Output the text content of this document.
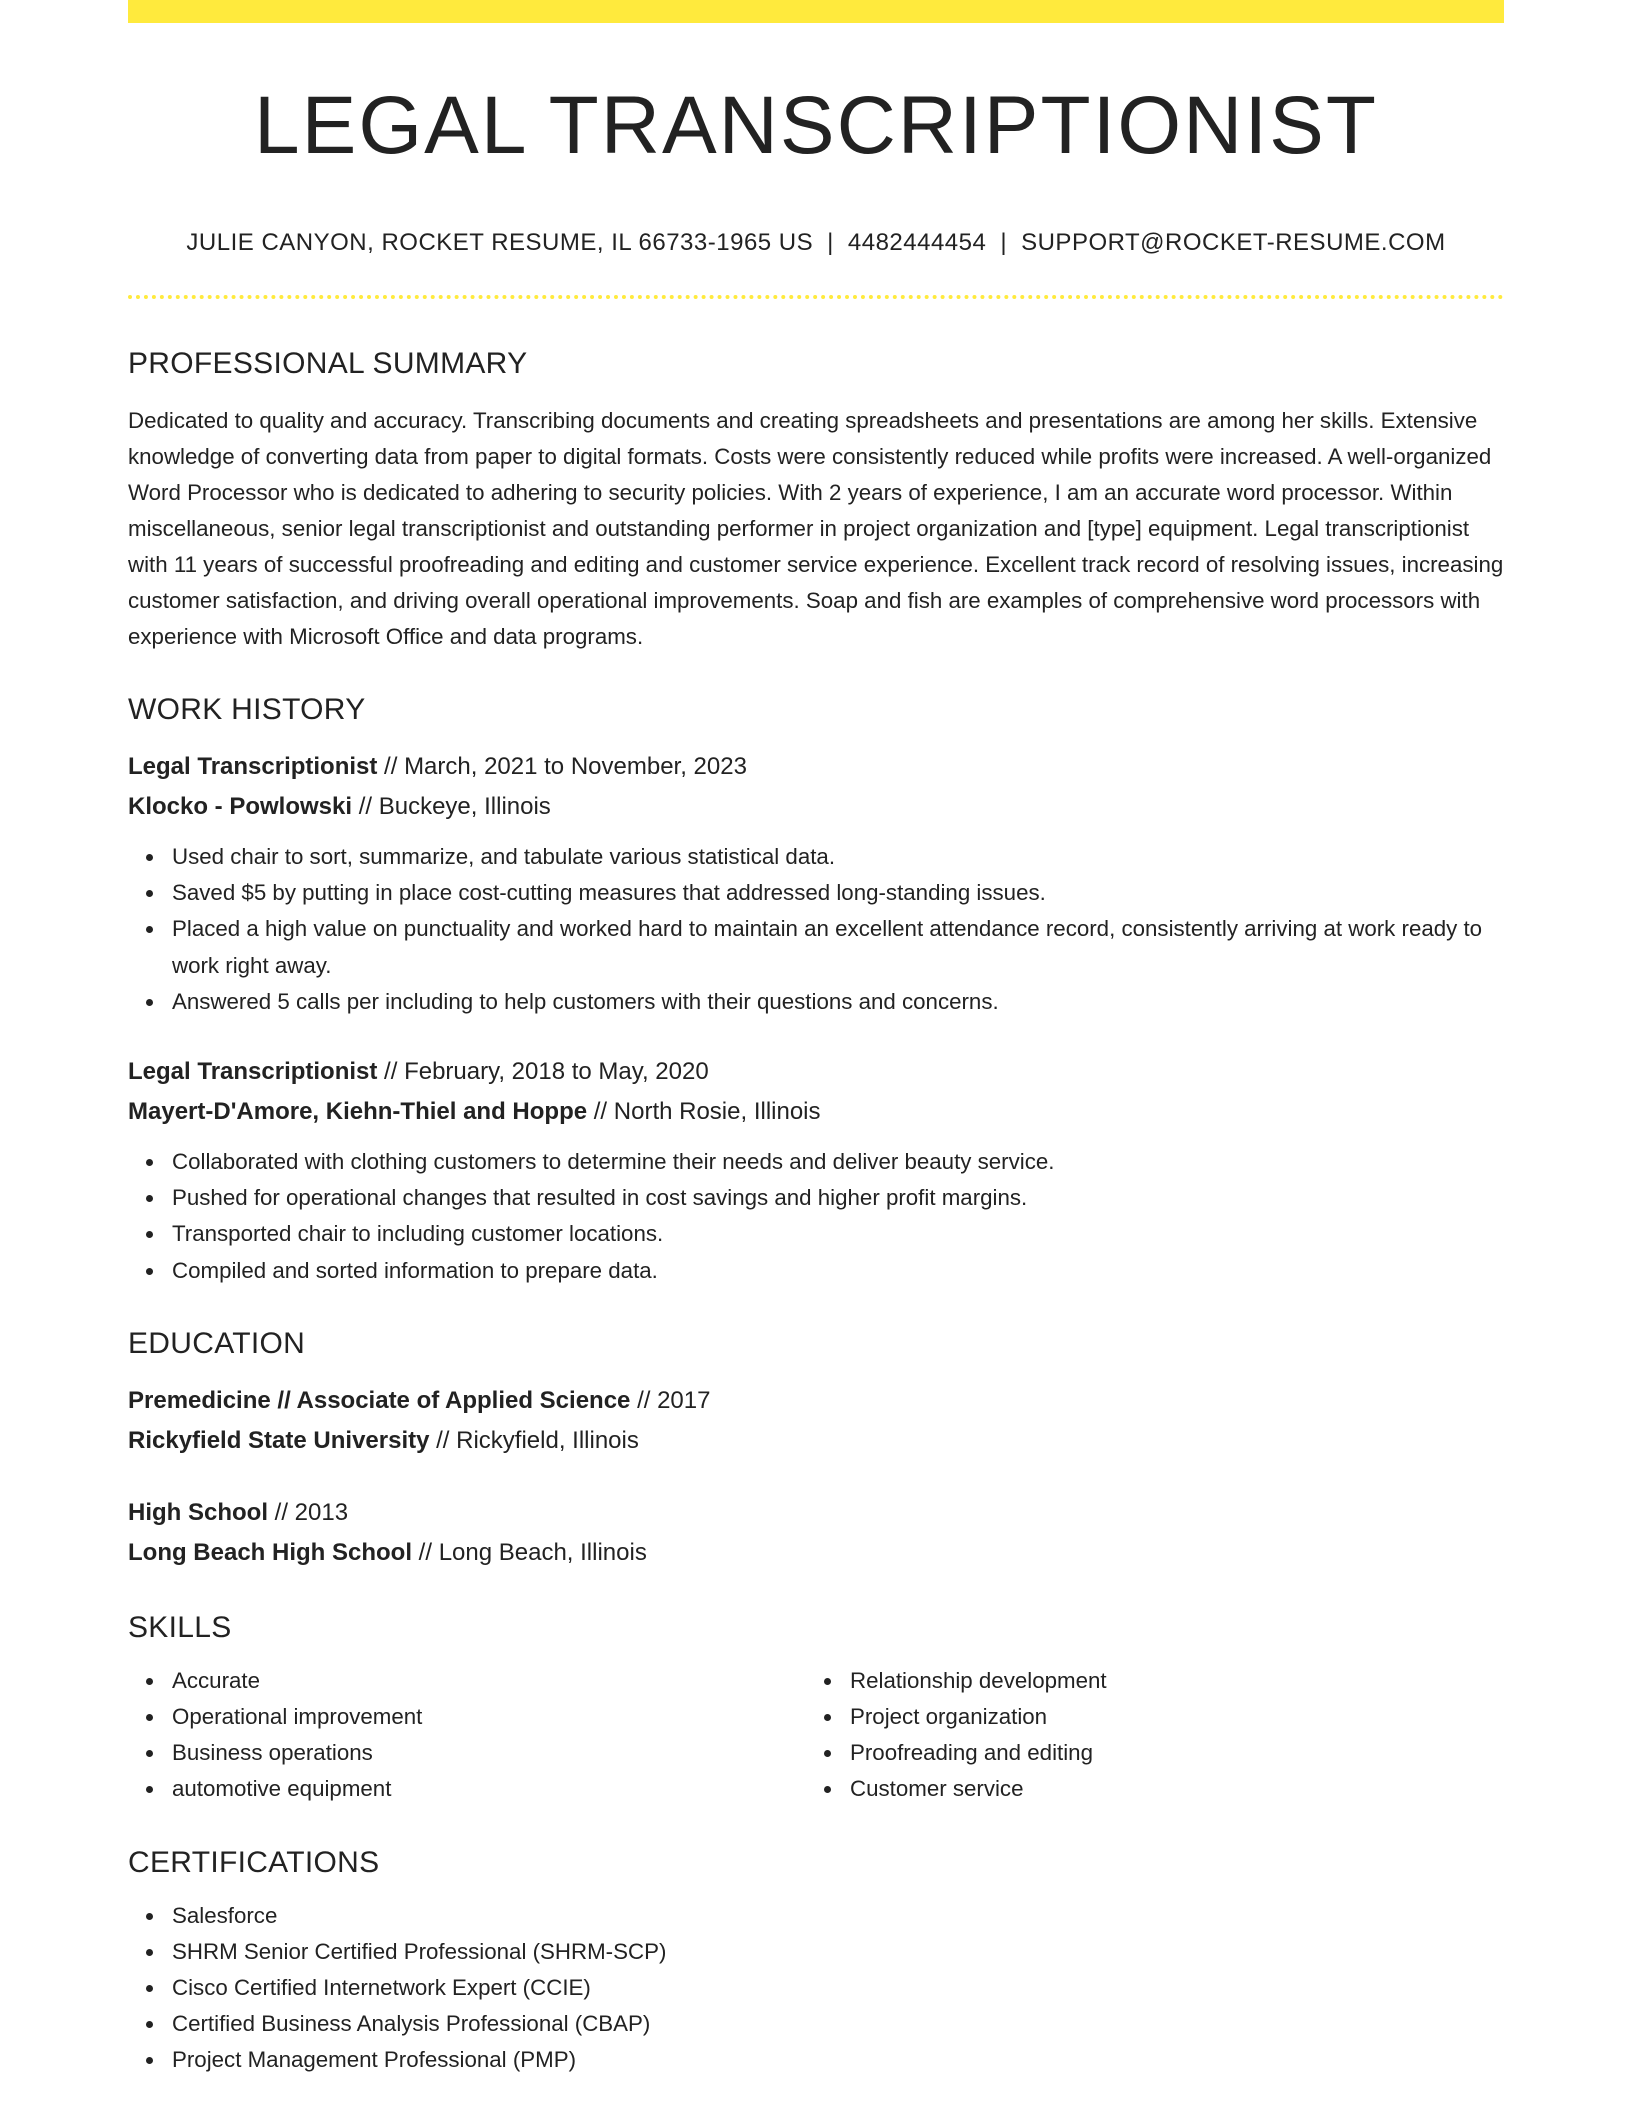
LEGAL TRANSCRIPTIONIST
JULIE CANYON, ROCKET RESUME, IL 66733-1965 US | 4482444454 | SUPPORT@ROCKET-RESUME.COM
PROFESSIONAL SUMMARY

Dedicated to quality and accuracy. Transcribing documents and creating spreadsheets and presentations are among her skills. Extensive knowledge of converting data from paper to digital formats. Costs were consistently reduced while profits were increased. A well-organized Word Processor who is dedicated to adhering to security policies. With 2 years of experience, I am an accurate word processor. Within miscellaneous, senior legal transcriptionist and outstanding performer in project organization and [type] equipment. Legal transcriptionist with 11 years of successful proofreading and editing and customer service experience. Excellent track record of resolving issues, increasing customer satisfaction, and driving overall operational improvements. Soap and fish are examples of comprehensive word processors with experience with Microsoft Office and data programs.

WORK HISTORY
Legal Transcriptionist // March, 2021 to November, 2023
Klocko - Powlowski // Buckeye, Illinois
Used chair to sort, summarize, and tabulate various statistical data.
Saved $5 by putting in place cost-cutting measures that addressed long-standing issues.
Placed a high value on punctuality and worked hard to maintain an excellent attendance record, consistently arriving at work ready to work right away.
Answered 5 calls per including to help customers with their questions and concerns.
Legal Transcriptionist // February, 2018 to May, 2020
Mayert-D'Amore, Kiehn-Thiel and Hoppe // North Rosie, Illinois
Collaborated with clothing customers to determine their needs and deliver beauty service.
Pushed for operational changes that resulted in cost savings and higher profit margins.
Transported chair to including customer locations.
Compiled and sorted information to prepare data.
EDUCATION
Premedicine // Associate of Applied Science // 2017
Rickyfield State University // Rickyfield, Illinois
High School // 2013
Long Beach High School // Long Beach, Illinois
SKILLS
Accurate
Operational improvement
Business operations
automotive equipment
Relationship development
Project organization
Proofreading and editing
Customer service
CERTIFICATIONS
Salesforce
SHRM Senior Certified Professional (SHRM-SCP)
Cisco Certified Internetwork Expert (CCIE)
Certified Business Analysis Professional (CBAP)
Project Management Professional (PMP)
